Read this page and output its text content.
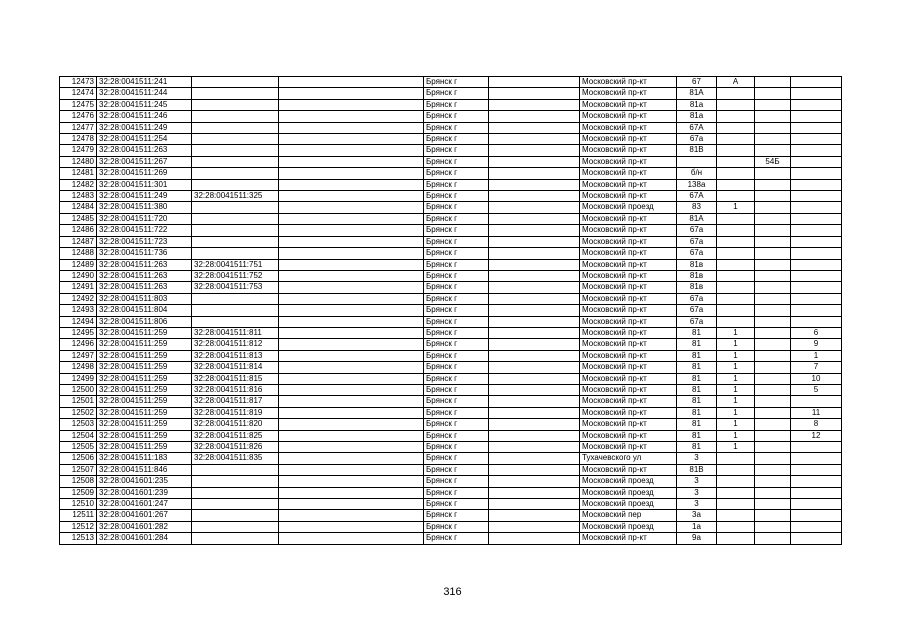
12473	32:28:0041511:241			Брянск г		Московский пр-кт	67	А		
12474	32:28:0041511:244			Брянск г		Московский пр-кт	81А			
12475	32:28:0041511:245			Брянск г		Московский пр-кт	81а			
12476	32:28:0041511:246			Брянск г		Московский пр-кт	81а			
12477	32:28:0041511:249			Брянск г		Московский пр-кт	67А			
12478	32:28:0041511:254			Брянск г		Московский пр-кт	67а			
12479	32:28:0041511:263			Брянск г		Московский пр-кт	81В			
12480	32:28:0041511:267			Брянск г		Московский пр-кт			54Б	
12481	32:28:0041511:269			Брянск г		Московский пр-кт	б/н			
12482	32:28:0041511:301			Брянск г		Московский пр-кт	138а			
12483	32:28:0041511:249	32:28:0041511:325		Брянск г		Московский пр-кт	67А			
12484	32:28:0041511:380			Брянск г		Московский проезд	83	1		
12485	32:28:0041511:720			Брянск г		Московский пр-кт	81А			
12486	32:28:0041511:722			Брянск г		Московский пр-кт	67а			
12487	32:28:0041511:723			Брянск г		Московский пр-кт	67а			
12488	32:28:0041511:736			Брянск г		Московский пр-кт	67а			
12489	32:28:0041511:263	32:28:0041511:751		Брянск г		Московский пр-кт	81в			
12490	32:28:0041511:263	32:28:0041511:752		Брянск г		Московский пр-кт	81в			
12491	32:28:0041511:263	32:28:0041511:753		Брянск г		Московский пр-кт	81в			
12492	32:28:0041511:803			Брянск г		Московский пр-кт	67а			
12493	32:28:0041511:804			Брянск г		Московский пр-кт	67а			
12494	32:28:0041511:806			Брянск г		Московский пр-кт	67а			
12495	32:28:0041511:259	32:28:0041511:811		Брянск г		Московский пр-кт	81	1		6
12496	32:28:0041511:259	32:28:0041511:812		Брянск г		Московский пр-кт	81	1		9
12497	32:28:0041511:259	32:28:0041511:813		Брянск г		Московский пр-кт	81	1		1
12498	32:28:0041511:259	32:28:0041511:814		Брянск г		Московский пр-кт	81	1		7
12499	32:28:0041511:259	32:28:0041511:815		Брянск г		Московский пр-кт	81	1		10
12500	32:28:0041511:259	32:28:0041511:816		Брянск г		Московский пр-кт	81	1		5
12501	32:28:0041511:259	32:28:0041511:817		Брянск г		Московский пр-кт	81	1		
12502	32:28:0041511:259	32:28:0041511:819		Брянск г		Московский пр-кт	81	1		11
12503	32:28:0041511:259	32:28:0041511:820		Брянск г		Московский пр-кт	81	1		8
12504	32:28:0041511:259	32:28:0041511:825		Брянск г		Московский пр-кт	81	1		12
12505	32:28:0041511:259	32:28:0041511:826		Брянск г		Московский пр-кт	81	1		
12506	32:28:0041511:183	32:28:0041511:835		Брянск г		Тухачевского ул	3			
12507	32:28:0041511:846			Брянск г		Московский пр-кт	81В			
12508	32:28:0041601:235			Брянск г		Московский проезд	3			
12509	32:28:0041601:239			Брянск г		Московский проезд	3			
12510	32:28:0041601:247			Брянск г		Московский проезд	3			
12511	32:28:0041601:267			Брянск г		Московский пер	3а			
12512	32:28:0041601:282			Брянск г		Московский проезд	1а			
12513	32:28:0041601:284			Брянск г		Московский пр-кт	9а			
316
